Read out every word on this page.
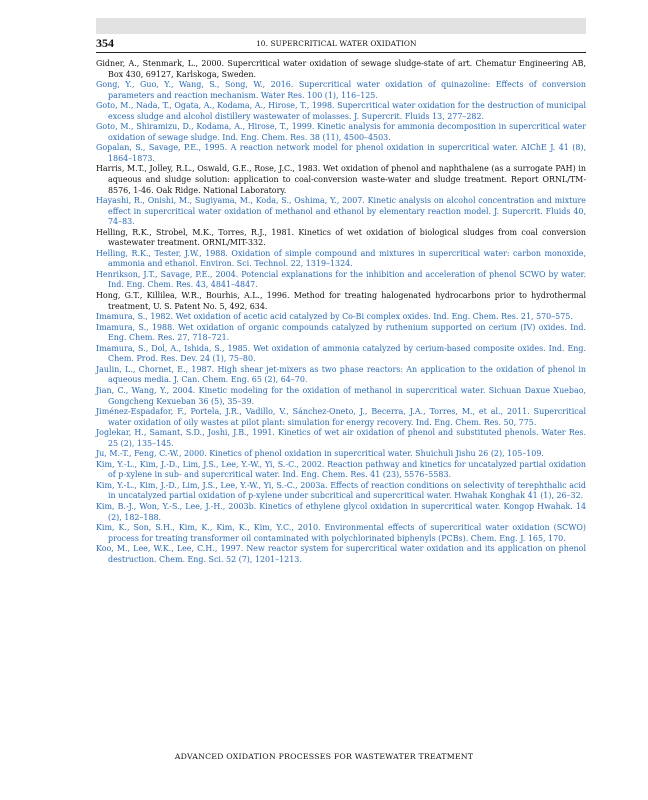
354	10. SUPERCRITICAL WATER OXIDATION

Gidner, A., Stenmark, L., 2000. Supercritical water oxidation of sewage sludge-state of art. Chematur Engineering AB, Box 430, 69127, Karlskoga, Sweden.

Gong, Y., Guo, Y., Wang, S., Song, W., 2016. Supercritical water oxidation of quinazoline: Effects of conversion parameters and reaction mechanism. Water Res. 100 (1), 116–125.

Goto, M., Nada, T., Ogata, A., Kodama, A., Hirose, T., 1998. Supercritical water oxidation for the destruction of municipal excess sludge and alcohol distillery wastewater of molasses. J. Supercrit. Fluids 13, 277–282.

Goto, M., Shiramizu, D., Kodama, A., Hirose, T., 1999. Kinetic analysis for ammonia decomposition in supercritical water oxidation of sewage sludge. Ind. Eng. Chem. Res. 38 (11), 4500–4503.

Gopalan, S., Savage, P.E., 1995. A reaction network model for phenol oxidation in supercritical water. AIChE J. 41 (8), 1864–1873.

Harris, M.T., Jolley, R.L., Oswald, G.E., Rose, J.C., 1983. Wet oxidation of phenol and naphthalene (as a surrogate PAH) in aqueous and sludge solution: application to coal-conversion waste-water and sludge treatment. Report ORNL/TM-8576, 1-46. Oak Ridge. National Laboratory.

Hayashi, R., Onishi, M., Sugiyama, M., Koda, S., Oshima, Y., 2007. Kinetic analysis on alcohol concentration and mixture effect in supercritical water oxidation of methanol and ethanol by elementary reaction model. J. Supercrit. Fluids 40, 74–83.

Helling, R.K., Strobel, M.K., Torres, R.J., 1981. Kinetics of wet oxidation of biological sludges from coal conversion wastewater treatment. ORNL/MIT-332.

Helling, R.K., Tester, J.W., 1988. Oxidation of simple compound and mixtures in supercritical water: carbon monoxide, ammonia and ethanol. Environ. Sci. Technol. 22, 1319–1324.

Henrikson, J.T., Savage, P.E., 2004. Potencial explanations for the inhibition and acceleration of phenol SCWO by water. Ind. Eng. Chem. Res. 43, 4841–4847.

Hong, G.T., Killilea, W.R., Bourhis, A.L., 1996. Method for treating halogenated hydrocarbons prior to hydrothermal treatment, U. S. Patent No. 5, 492, 634.

Imamura, S., 1982. Wet oxidation of acetic acid catalyzed by Co-Bi complex oxides. Ind. Eng. Chem. Res. 21, 570–575.

Imamura, S., 1988. Wet oxidation of organic compounds catalyzed by ruthenium supported on cerium (IV) oxides. Ind. Eng. Chem. Res. 27, 718–721.

Imamura, S., Dol, A., Ishida, S., 1985. Wet oxidation of ammonia catalyzed by cerium-based composite oxides. Ind. Eng. Chem. Prod. Res. Dev. 24 (1), 75–80.

Jaulin, L., Chornet, E., 1987. High shear jet-mixers as two phase reactors: An application to the oxidation of phenol in aqueous media. J. Can. Chem. Eng. 65 (2), 64–70.

Jian, C., Wang, Y., 2004. Kinetic modeling for the oxidation of methanol in supercritical water. Sichuan Daxue Xuebao, Gongcheng Kexueban 36 (5), 35–39.

Jiménez-Espadafor, F., Portela, J.R., Vadillo, V., Sánchez-Oneto, J., Becerra, J.A., Torres, M., et al., 2011. Supercritical water oxidation of oily wastes at pilot plant: simulation for energy recovery. Ind. Eng. Chem. Res. 50, 775.

Joglekar, H., Samant, S.D., Joshi, J.B., 1991. Kinetics of wet air oxidation of phenol and substituted phenols. Water Res. 25 (2), 135–145.

Ju, M.-T., Feng, C.-W., 2000. Kinetics of phenol oxidation in supercritical water. Shuichuli Jishu 26 (2), 105–109.

Kim, Y.-L., Kim, J.-D., Lim, J.S., Lee, Y.-W., Yi, S.-C., 2002. Reaction pathway and kinetics for uncatalyzed partial oxidation of p-xylene in sub- and supercritical water. Ind. Eng. Chem. Res. 41 (23), 5576–5583.

Kim, Y.-L., Kim, J.-D., Lim, J.S., Lee, Y.-W., Yi, S.-C., 2003a. Effects of reaction conditions on selectivity of terephthalic acid in uncatalyzed partial oxidation of p-xylene under subcritical and supercritical water. Hwahak Konghak 41 (1), 26–32.

Kim, B.-J., Won, Y.-S., Lee, J.-H., 2003b. Kinetics of ethylene glycol oxidation in supercritical water. Kongop Hwahak. 14 (2), 182–188.

Kim, K., Son, S.H., Kim, K., Kim, K., Kim, Y.C., 2010. Environmental effects of supercritical water oxidation (SCWO) process for treating transformer oil contaminated with polychlorinated biphenyls (PCBs). Chem. Eng. J. 165, 170.

Koo, M., Lee, W.K., Lee, C.H., 1997. New reactor system for supercritical water oxidation and its application on phenol destruction. Chem. Eng. Sci. 52 (7), 1201–1213.

ADVANCED OXIDATION PROCESSES FOR WASTEWATER TREATMENT
